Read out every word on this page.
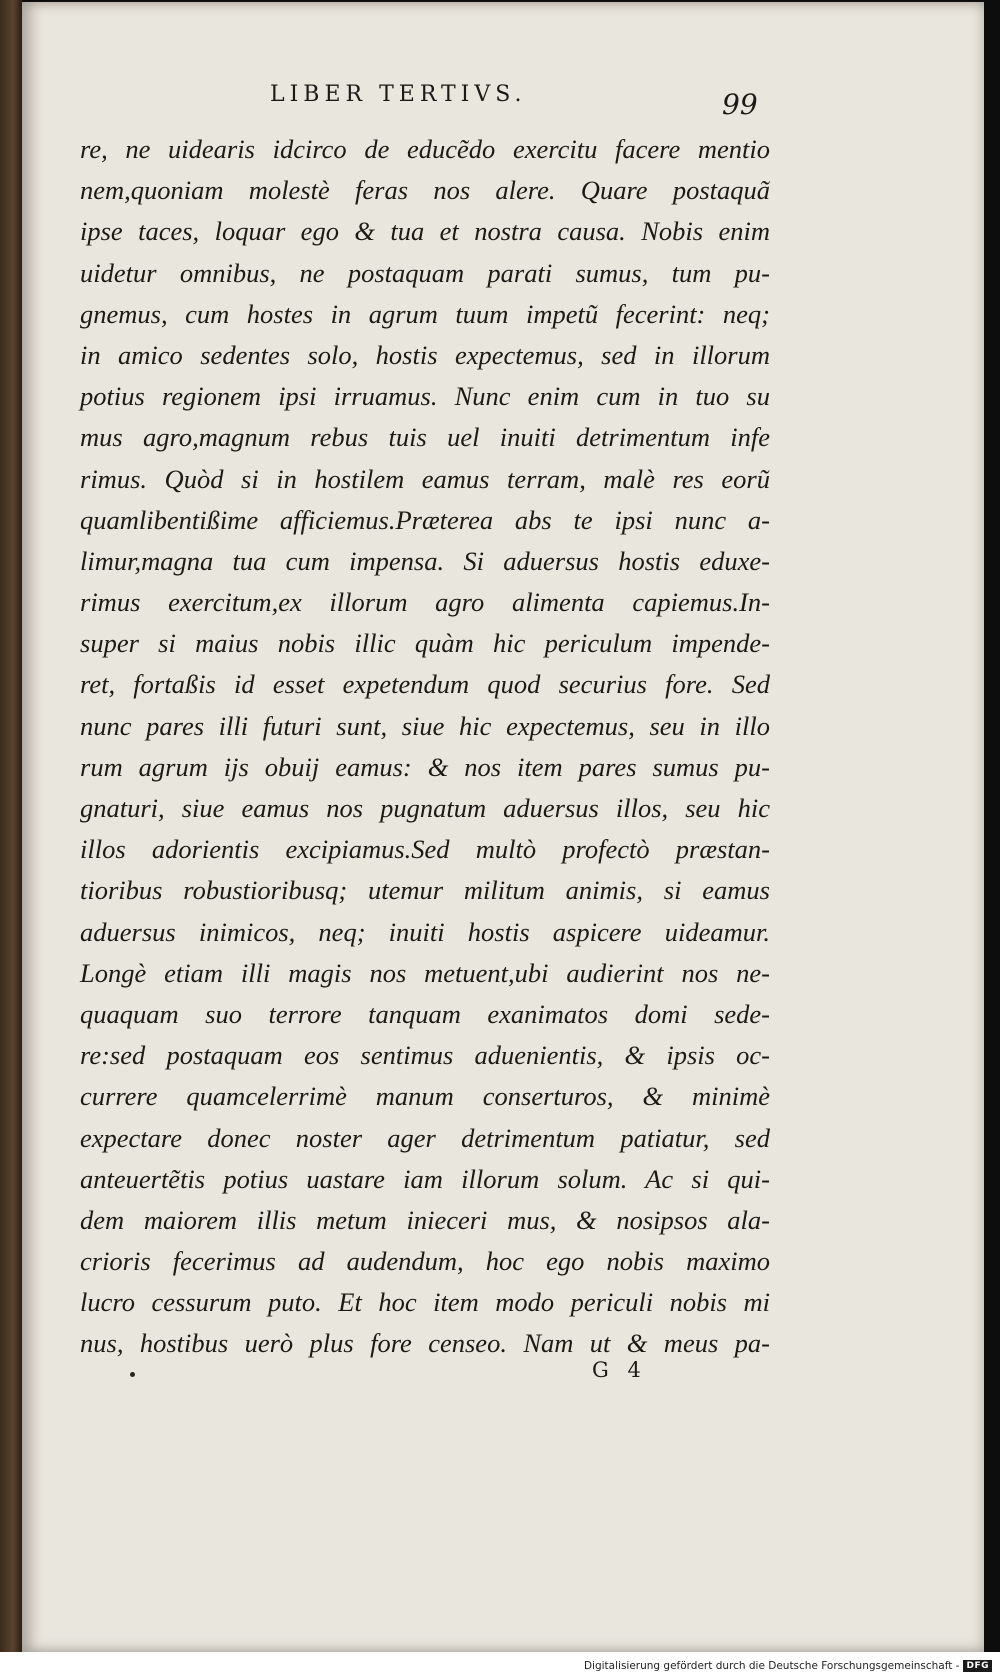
LIBER TERTIVS.	99
re, ne uidearis idcirco de educẽdo exercitu facere mentio
nem,quoniam molestè feras nos alere. Quare postaquã
ipse taces, loquar ego & tua et nostra causa. Nobis enim
uidetur omnibus, ne postaquam parati sumus, tum pu-
gnemus, cum hostes in agrum tuum impetũ fecerint: neq;
in amico sedentes solo, hostis expectemus, sed in illorum
potius regionem ipsi irruamus. Nunc enim cum in tuo su
mus agro,magnum rebus tuis uel inuiti detrimentum infe
rimus. Quòd si in hostilem eamus terram, malè res eorũ
quamlibentißime afficiemus.Præterea abs te ipsi nunc a-
limur,magna tua cum impensa. Si aduersus hostis eduxe-
rimus exercitum,ex illorum agro alimenta capiemus.In-
super si maius nobis illic quàm hic periculum impende-
ret, fortaßis id esset expetendum quod securius fore. Sed
nunc pares illi futuri sunt, siue hic expectemus, seu in illo
rum agrum ijs obuij eamus: & nos item pares sumus pu-
gnaturi, siue eamus nos pugnatum aduersus illos, seu hic
illos adorientis excipiamus.Sed multò profectò præstan-
tioribus robustioribusq; utemur militum animis, si eamus
aduersus inimicos, neq; inuiti hostis aspicere uideamur.
Longè etiam illi magis nos metuent,ubi audierint nos ne-
quaquam suo terrore tanquam exanimatos domi sede-
re:sed postaquam eos sentimus aduenientis, & ipsis oc-
currere quamcelerrimè manum conserturos, & minimè
expectare donec noster ager detrimentum patiatur, sed
anteuertẽtis potius uastare iam illorum solum. Ac si qui-
dem maiorem illis metum inieceri mus, & nosipsos ala-
crioris fecerimus ad audendum, hoc ego nobis maximo
lucro cessurum puto. Et hoc item modo periculi nobis mi
nus, hostibus uerò plus fore censeo. Nam ut & meus pa-
G 4
Digitalisierung gefördert durch die Deutsche Forschungsgemeinschaft - DFG
